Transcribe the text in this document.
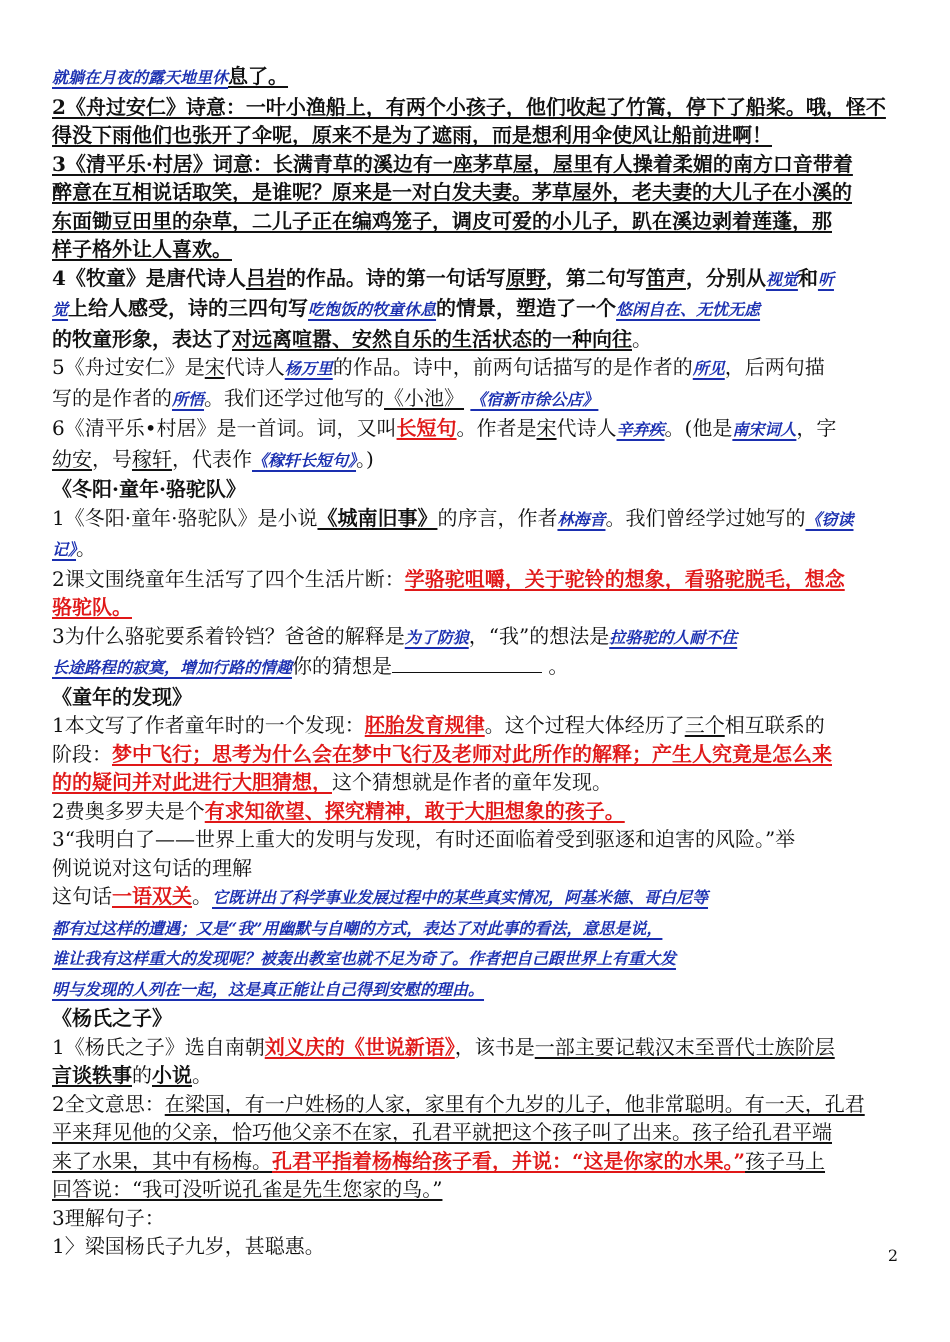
就躺在月夜的露天地里休息了。
2《舟过安仁》诗意：一叶小渔船上，有两个小孩子，他们收起了竹篙，停下了船桨。哦，怪不
得没下雨他们也张开了伞呢，原来不是为了遮雨，而是想利用伞使风让船前进啊！
3《清平乐·村居》词意：长满青草的溪边有一座茅草屋，屋里有人操着柔媚的南方口音带着
醉意在互相说话取笑，是谁呢？原来是一对白发夫妻。茅草屋外，老夫妻的大儿子在小溪的
东面锄豆田里的杂草，二儿子正在编鸡笼子，调皮可爱的小儿子，趴在溪边剥着莲蓬，那
样子格外让人喜欢。
4《牧童》是唐代诗人吕岩的作品。诗的第一句话写原野，第二句写笛声，分别从视觉和听
觉上给人感受，诗的三四句写吃饱饭的牧童休息的情景，塑造了一个悠闲自在、无忧无虑
的牧童形象，表达了对远离喧嚣、安然自乐的生活状态的一种向往。
5《舟过安仁》是宋代诗人杨万里的作品。诗中，前两句话描写的是作者的所见，后两句描
写的是作者的所悟。我们还学过他写的《小池》 《宿新市徐公店》
6《清平乐•村居》是一首词。词，又叫长短句。作者是宋代诗人辛弃疾。(他是南宋词人，字
幼安，号稼轩，代表作《稼轩长短句》。)
《冬阳·童年·骆驼队》
1《冬阳·童年·骆驼队》是小说《城南旧事》的序言，作者林海音。我们曾经学过她写的《窃读
记》。
2课文围绕童年生活写了四个生活片断：学骆驼咀嚼，关于驼铃的想象，看骆驼脱毛，想念
骆驼队。
3为什么骆驼要系着铃铛？爸爸的解释是为了防狼，“我”的想法是拉骆驼的人耐不住
长途路程的寂寞，增加行路的情趣你的猜想是	。
《童年的发现》
1本文写了作者童年时的一个发现：胚胎发育规律。这个过程大体经历了三个相互联系的
阶段：梦中飞行；思考为什么会在梦中飞行及老师对此所作的解释；产生人究竟是怎么来
的的疑问并对此进行大胆猜想，这个猜想就是作者的童年发现。
2费奥多罗夫是个有求知欲望、探究精神，敢于大胆想象的孩子。
3“我明白了——世界上重大的发明与发现，有时还面临着受到驱逐和迫害的风险。”举
例说说对这句话的理解
这句话一语双关。它既讲出了科学事业发展过程中的某些真实情况，阿基米德、哥白尼等
都有过这样的遭遇；又是“我”用幽默与自嘲的方式，表达了对此事的看法，意思是说，
谁让我有这样重大的发现呢？被轰出教室也就不足为奇了。作者把自己跟世界上有重大发
明与发现的人列在一起，这是真正能让自己得到安慰的理由。
《杨氏之子》
1《杨氏之子》选自南朝刘义庆的《世说新语》，该书是一部主要记载汉末至晋代士族阶层
言谈轶事的小说。
2全文意思：在梁国，有一户姓杨的人家，家里有个九岁的儿子，他非常聪明。有一天，孔君
平来拜见他的父亲，恰巧他父亲不在家，孔君平就把这个孩子叫了出来。孩子给孔君平端
来了水果，其中有杨梅。孔君平指着杨梅给孩子看，并说：“这是你家的水果。”孩子马上
回答说：“我可没听说孔雀是先生您家的鸟。”
3理解句子：
1〉梁国杨氏子九岁，甚聪惠。	2
